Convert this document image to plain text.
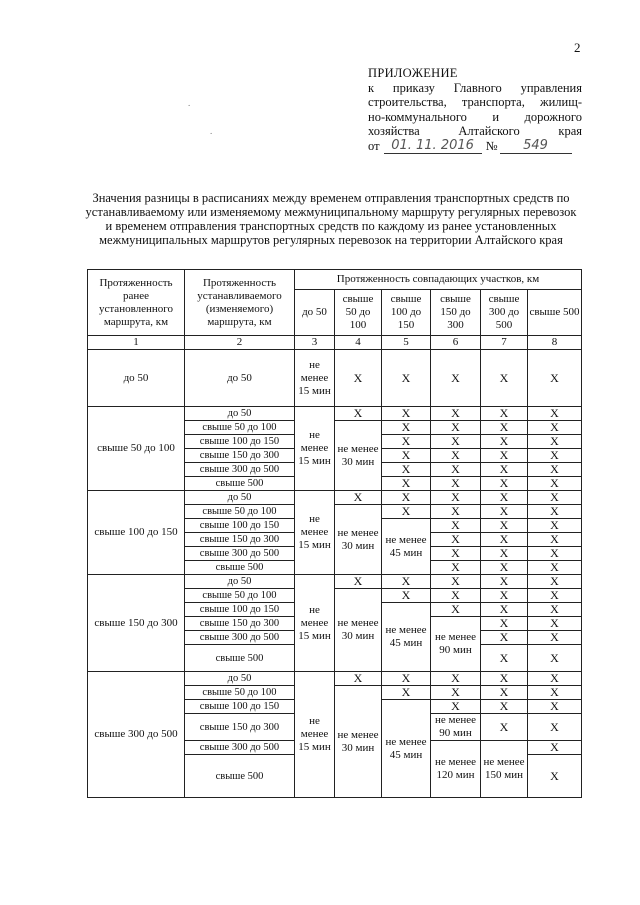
2
.
.
ПРИЛОЖЕНИЕ
к приказу Главного управления
строительства, транспорта, жилищ-
но-коммунального и дорожного
хозяйства Алтайского края
от 01. 11. 2016 №	549
Значения разницы в расписаниях между временем отправления транспортных средств по устанавливаемому или изменяемому межмуниципальному маршруту регулярных перевозок и временем отправления транспортных средств по каждому из ранее установленных межмуниципальных маршрутов регулярных перевозок на территории Алтайского края
Протяженность ранее установленного маршрута, км	Протяженность устанавливаемого (изменяемого) маршрута, км	Протяженность совпадающих участков, км					
		до 50	свыше 50 до 100	свыше 100 до 150	свыше 150 до 300	свыше 300 до 500	свыше 500
1	2	3	4	5	6	7	8
до 50	до 50	не менее 15 мин	Х	Х	Х	Х	Х
свыше 50 до 100	до 50	не менее 15 мин	Х	Х	Х	Х	Х
	свыше 50 до 100		не менее 30 мин	Х	Х	Х	Х
	свыше 100 до 150			Х	Х	Х	Х
	свыше 150 до 300			Х	Х	Х	Х
	свыше 300 до 500			Х	Х	Х	Х
	свыше 500			Х	Х	Х	Х
свыше 100 до 150	до 50	не менее 15 мин	Х	Х	Х	Х	Х
	свыше 50 до 100		не менее 30 мин	Х	Х	Х	Х
	свыше 100 до 150			не менее 45 мин	Х	Х	Х
	свыше 150 до 300				Х	Х	Х
	свыше 300 до 500				Х	Х	Х
	свыше 500				Х	Х	Х
свыше 150 до 300	до 50	не менее 15 мин	Х	Х	Х	Х	Х
	свыше 50 до 100		не менее 30 мин	Х	Х	Х	Х
	свыше 100 до 150			не менее 45 мин	Х	Х	Х
	свыше 150 до 300				не менее 90 мин	Х	Х
	свыше 300 до 500					Х	Х
	свыше 500					Х	Х
свыше 300 до 500	до 50	не менее 15 мин	Х	Х	Х	Х	Х
	свыше 50 до 100		не менее 30 мин	Х	Х	Х	Х
	свыше 100 до 150			не менее 45 мин	Х	Х	Х
	свыше 150 до 300				не менее 90 мин	Х	Х
	свыше 300 до 500				не менее 120 мин	не менее 150 мин	Х
	свыше 500						Х
